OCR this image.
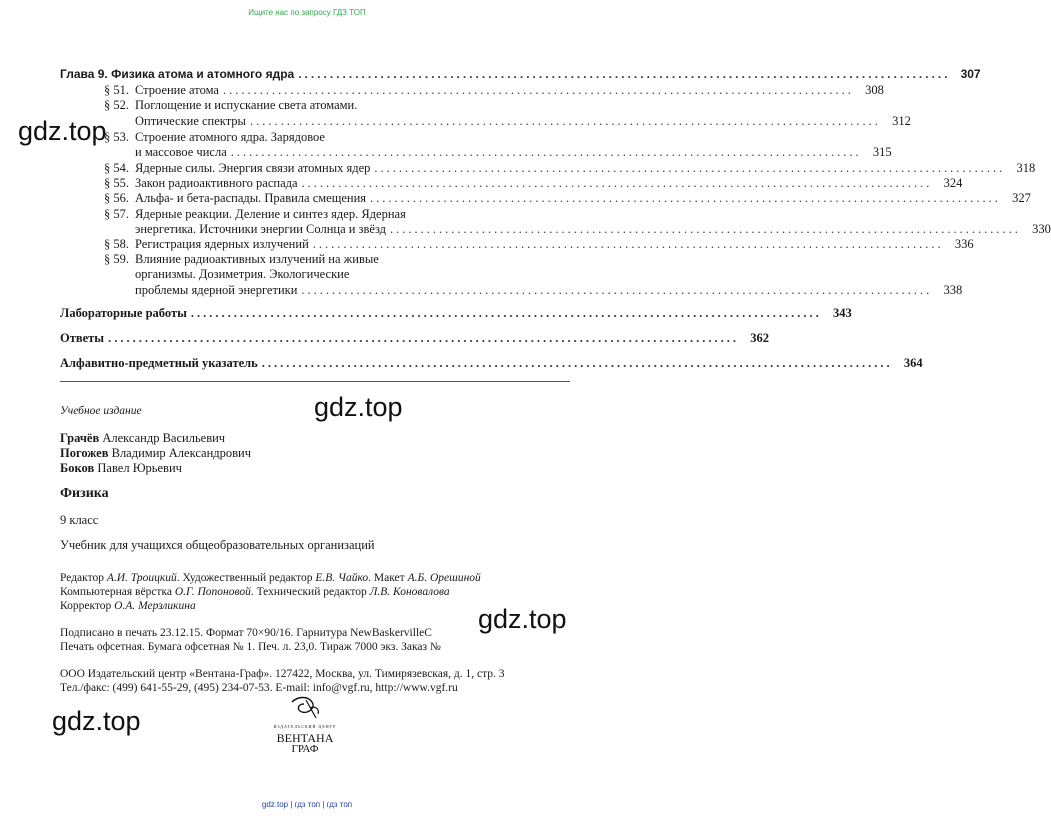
Ищите нас по запросу ГДЗ ТОП
gdz.top | гдз топ | гдз топ
gdz.top
gdz.top
gdz.top
gdz.top
Глава 9. Физика атома и атомного ядра ....................................................................................................... 307
§ 51. Строение атома ....................................................................................................... 308
§ 52. Поглощение и испускание света атомами.
Оптические спектры ....................................................................................................... 312
§ 53. Строение атомного ядра. Зарядовое
и массовое числа ....................................................................................................... 315
§ 54. Ядерные силы. Энергия связи атомных ядер ....................................................................................................... 318
§ 55. Закон радиоактивного распада ....................................................................................................... 324
§ 56. Альфа- и бета-распады. Правила смещения ....................................................................................................... 327
§ 57. Ядерные реакции. Деление и синтез ядер. Ядерная
энергетика. Источники энергии Солнца и звёзд ....................................................................................................... 330
§ 58. Регистрация ядерных излучений ....................................................................................................... 336
§ 59. Влияние радиоактивных излучений на живые
организмы. Дозиметрия. Экологические
проблемы ядерной энергетики ....................................................................................................... 338
Лабораторные работы ....................................................................................................... 343
Ответы ....................................................................................................... 362
Алфавитно-предметный указатель ....................................................................................................... 364
Учебное издание
Грачёв Александр Васильевич
Погожев Владимир Александрович
Боков Павел Юрьевич
Физика
9 класс
Учебник для учащихся общеобразовательных организаций
Редактор А.И. Троицкий. Художественный редактор Е.В. Чайко. Макет А.Б. Орешиной
Компьютерная вёрстка О.Г. Попоновой. Технический редактор Л.В. Коновалова
Корректор О.А. Мерзликина
Подписано в печать 23.12.15. Формат 70×90/16. Гарнитура NewBaskervilleC
Печать офсетная. Бумага офсетная № 1. Печ. л. 23,0. Тираж 7000 экз. Заказ №
ООО Издательский центр «Вентана-Граф». 127422, Москва, ул. Тимирязевская, д. 1, стр. 3
Тел./факс: (499) 641-55-29, (495) 234-07-53. E-mail: info@vgf.ru, http://www.vgf.ru
ИЗДАТЕЛЬСКИЙ ЦЕНТР
ВЕНТАНА
ГРАФ
